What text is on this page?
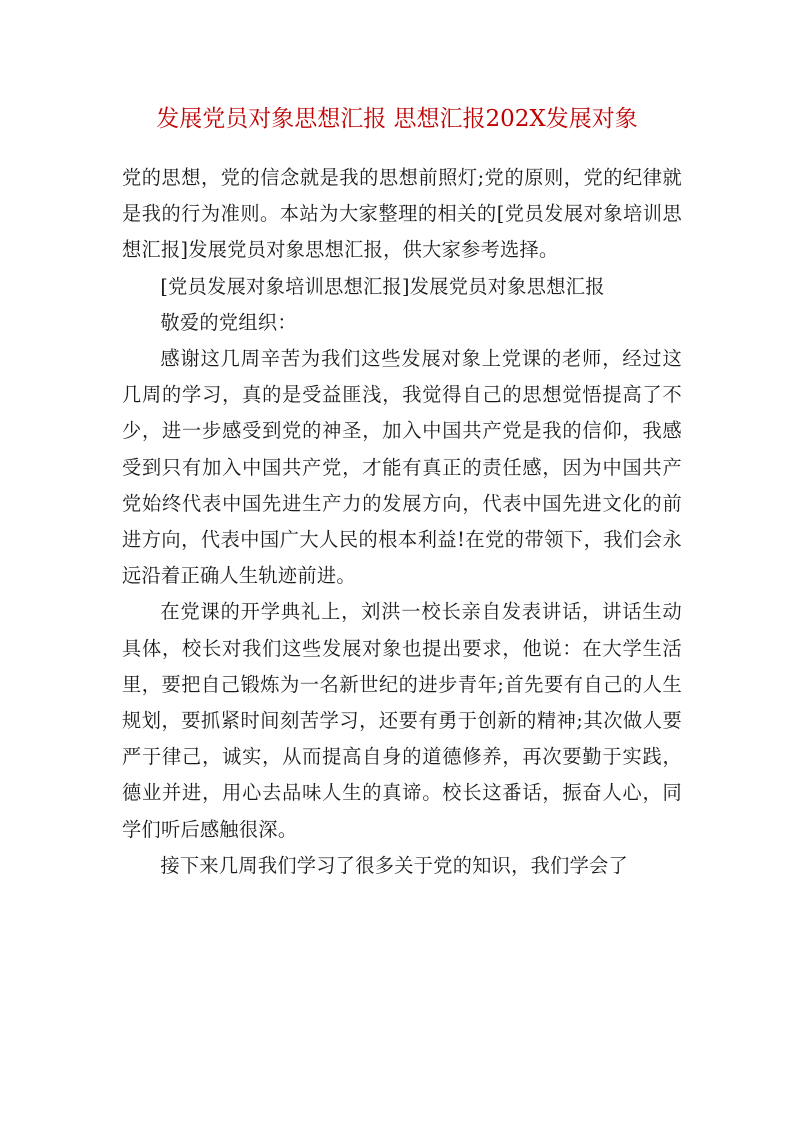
发展党员对象思想汇报 思想汇报202X发展对象

党的思想，党的信念就是我的思想前照灯;党的原则，党的纪律就是我的行为准则。本站为大家整理的相关的[党员发展对象培训思想汇报]发展党员对象思想汇报，供大家参考选择。

[党员发展对象培训思想汇报]发展党员对象思想汇报

敬爱的党组织：

感谢这几周辛苦为我们这些发展对象上党课的老师，经过这几周的学习，真的是受益匪浅，我觉得自己的思想觉悟提高了不少，进一步感受到党的神圣，加入中国共产党是我的信仰，我感受到只有加入中国共产党，才能有真正的责任感，因为中国共产党始终代表中国先进生产力的发展方向，代表中国先进文化的前进方向，代表中国广大人民的根本利益!在党的带领下，我们会永远沿着正确人生轨迹前进。

在党课的开学典礼上，刘洪一校长亲自发表讲话，讲话生动具体，校长对我们这些发展对象也提出要求，他说：在大学生活里，要把自己锻炼为一名新世纪的进步青年;首先要有自己的人生规划，要抓紧时间刻苦学习，还要有勇于创新的精神;其次做人要严于律己，诚实，从而提高自身的道德修养，再次要勤于实践，德业并进，用心去品味人生的真谛。校长这番话，振奋人心，同学们听后感触很深。

接下来几周我们学习了很多关于党的知识，我们学会了
